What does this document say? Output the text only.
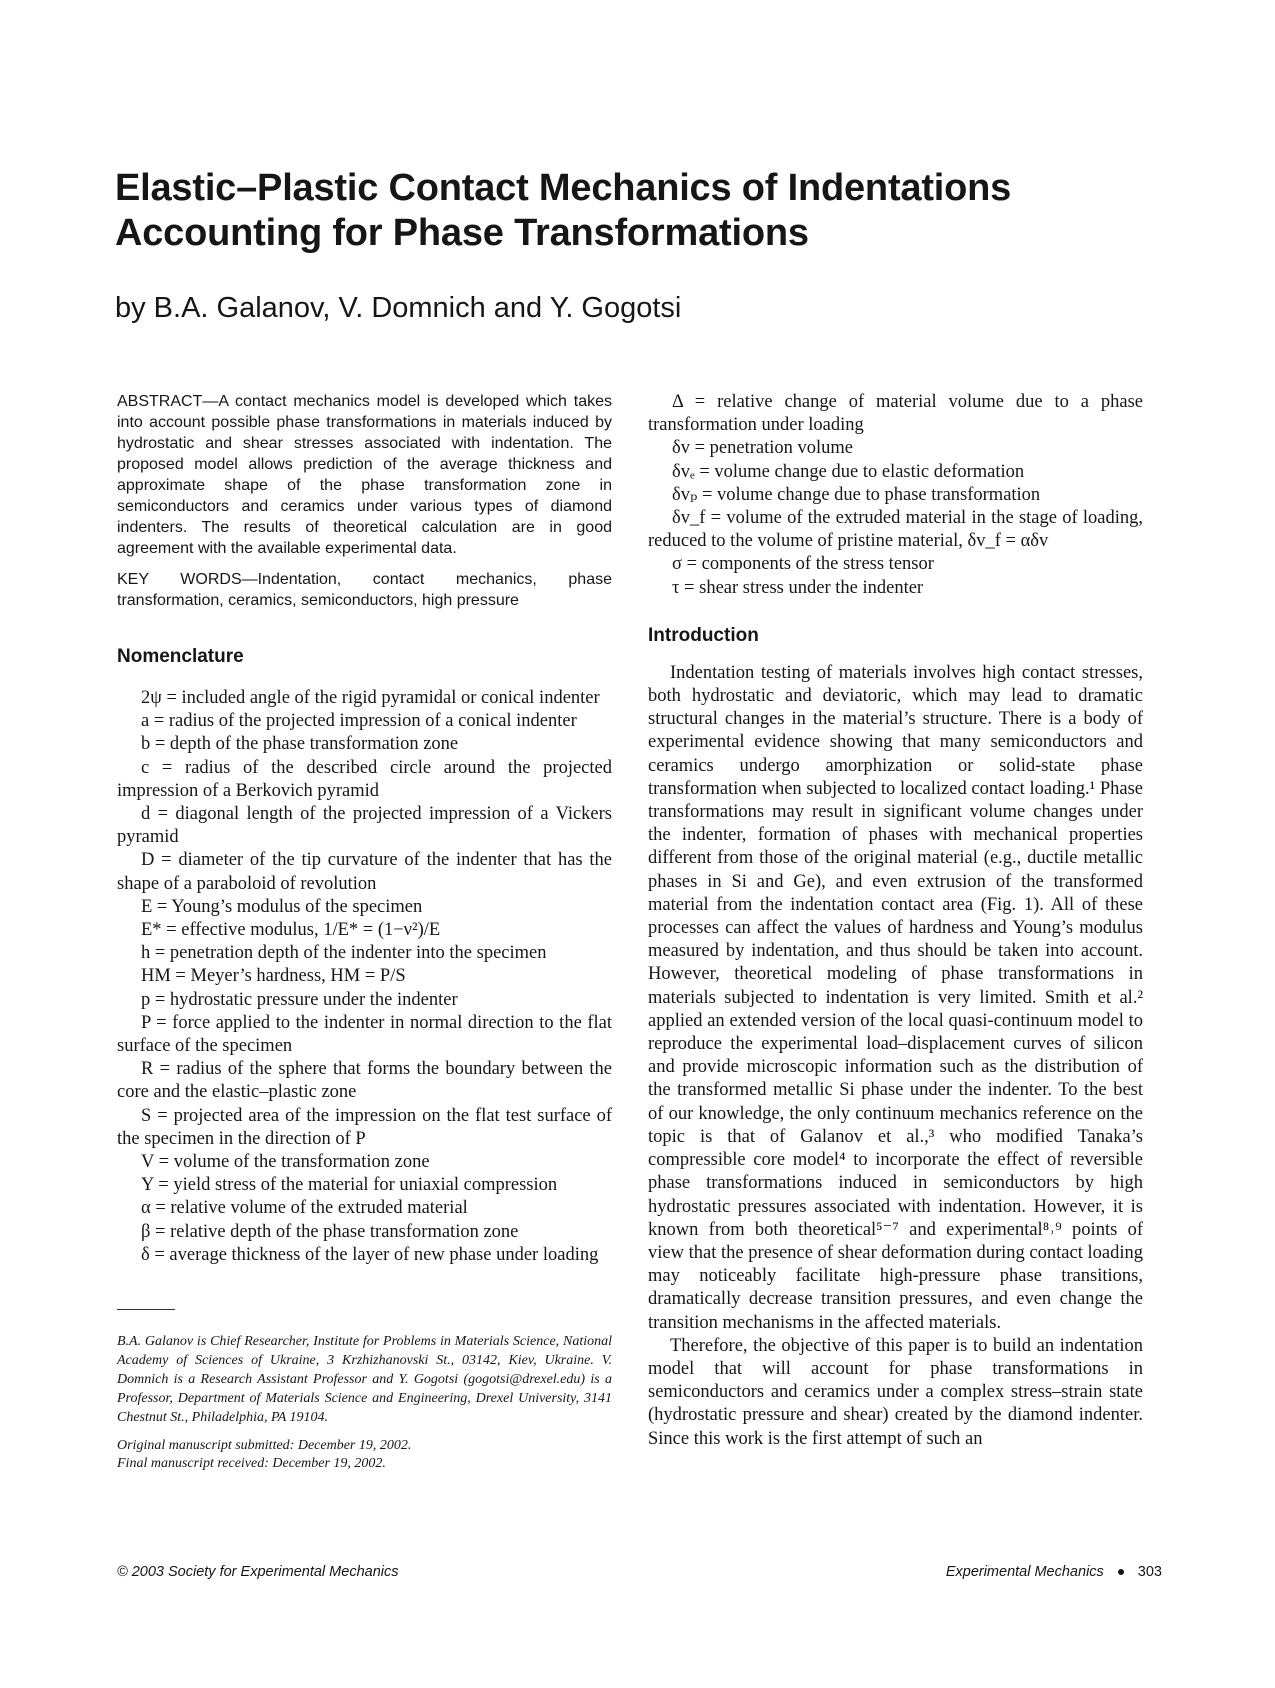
Elastic–Plastic Contact Mechanics of Indentations Accounting for Phase Transformations
by B.A. Galanov, V. Domnich and Y. Gogotsi
ABSTRACT—A contact mechanics model is developed which takes into account possible phase transformations in materials induced by hydrostatic and shear stresses associated with indentation. The proposed model allows prediction of the average thickness and approximate shape of the phase transformation zone in semiconductors and ceramics under various types of diamond indenters. The results of theoretical calculation are in good agreement with the available experimental data.
KEY WORDS—Indentation, contact mechanics, phase transformation, ceramics, semiconductors, high pressure
Nomenclature
2ψ = included angle of the rigid pyramidal or conical indenter
a = radius of the projected impression of a conical indenter
b = depth of the phase transformation zone
c = radius of the described circle around the projected impression of a Berkovich pyramid
d = diagonal length of the projected impression of a Vickers pyramid
D = diameter of the tip curvature of the indenter that has the shape of a paraboloid of revolution
E = Young’s modulus of the specimen
E* = effective modulus, 1/E* = (1−ν²)/E
h = penetration depth of the indenter into the specimen
HM = Meyer’s hardness, HM = P/S
p = hydrostatic pressure under the indenter
P = force applied to the indenter in normal direction to the flat surface of the specimen
R = radius of the sphere that forms the boundary between the core and the elastic–plastic zone
S = projected area of the impression on the flat test surface of the specimen in the direction of P
V = volume of the transformation zone
Y = yield stress of the material for uniaxial compression
α = relative volume of the extruded material
β = relative depth of the phase transformation zone
δ = average thickness of the layer of new phase under loading

B.A. Galanov is Chief Researcher, Institute for Problems in Materials Science, National Academy of Sciences of Ukraine, 3 Krzhizhanovski St., 03142, Kiev, Ukraine. V. Domnich is a Research Assistant Professor and Y. Gogotsi (gogotsi@drexel.edu) is a Professor, Department of Materials Science and Engineering, Drexel University, 3141 Chestnut St., Philadelphia, PA 19104.

Original manuscript submitted: December 19, 2002.

Final manuscript received: December 19, 2002.

Δ = relative change of material volume due to a phase transformation under loading
δv = penetration volume
δvₑ = volume change due to elastic deformation
δvₚ = volume change due to phase transformation
δv_f = volume of the extruded material in the stage of loading, reduced to the volume of pristine material, δv_f = αδv
σ = components of the stress tensor
τ = shear stress under the indenter
Introduction

Indentation testing of materials involves high contact stresses, both hydrostatic and deviatoric, which may lead to dramatic structural changes in the material’s structure. There is a body of experimental evidence showing that many semiconductors and ceramics undergo amorphization or solid-state phase transformation when subjected to localized contact loading.¹ Phase transformations may result in significant volume changes under the indenter, formation of phases with mechanical properties different from those of the original material (e.g., ductile metallic phases in Si and Ge), and even extrusion of the transformed material from the indentation contact area (Fig. 1). All of these processes can affect the values of hardness and Young’s modulus measured by indentation, and thus should be taken into account. However, theoretical modeling of phase transformations in materials subjected to indentation is very limited. Smith et al.² applied an extended version of the local quasi-continuum model to reproduce the experimental load–displacement curves of silicon and provide microscopic information such as the distribution of the transformed metallic Si phase under the indenter. To the best of our knowledge, the only continuum mechanics reference on the topic is that of Galanov et al.,³ who modified Tanaka’s compressible core model⁴ to incorporate the effect of reversible phase transformations induced in semiconductors by high hydrostatic pressures associated with indentation. However, it is known from both theoretical⁵⁻⁷ and experimental⁸˒⁹ points of view that the presence of shear deformation during contact loading may noticeably facilitate high-pressure phase transitions, dramatically decrease transition pressures, and even change the transition mechanisms in the affected materials.

Therefore, the objective of this paper is to build an indentation model that will account for phase transformations in semiconductors and ceramics under a complex stress–strain state (hydrostatic pressure and shear) created by the diamond indenter. Since this work is the first attempt of such an

© 2003 Society for Experimental Mechanics	Experimental Mechanics 303
